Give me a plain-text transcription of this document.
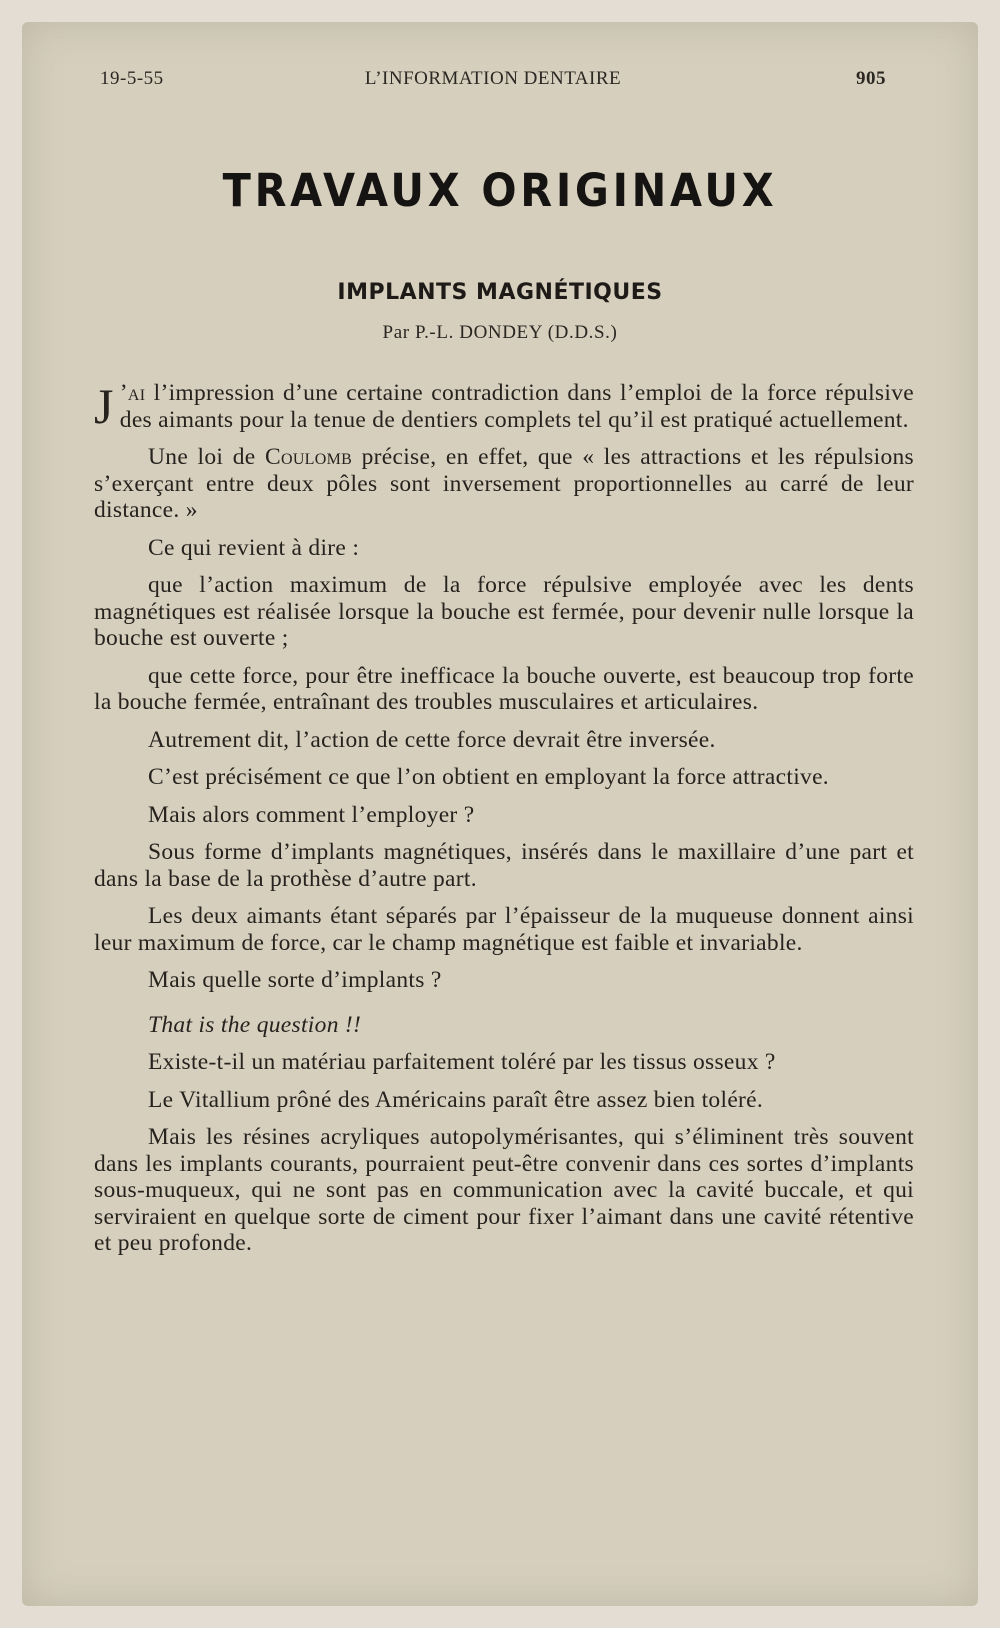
19-5-55	L’INFORMATION DENTAIRE	905
TRAVAUX ORIGINAUX
IMPLANTS MAGNÉTIQUES
Par P.-L. DONDEY (D.D.S.)

J ’ai l’impression d’une certaine contradiction dans l’emploi de la force répulsive des aimants pour la tenue de dentiers complets tel qu’il est pratiqué actuellement.

Une loi de Coulomb précise, en effet, que « les attractions et les répulsions s’exerçant entre deux pôles sont inversement proportionnelles au carré de leur distance. »

Ce qui revient à dire :

que l’action maximum de la force répulsive employée avec les dents magnétiques est réalisée lorsque la bouche est fermée, pour devenir nulle lorsque la bouche est ouverte ;

que cette force, pour être inefficace la bouche ouverte, est beaucoup trop forte la bouche fermée, entraînant des troubles musculaires et articulaires.

Autrement dit, l’action de cette force devrait être inversée.

C’est précisément ce que l’on obtient en employant la force attractive.

Mais alors comment l’employer ?

Sous forme d’implants magnétiques, insérés dans le maxillaire d’une part et dans la base de la prothèse d’autre part.

Les deux aimants étant séparés par l’épaisseur de la muqueuse donnent ainsi leur maximum de force, car le champ magnétique est faible et invariable.

Mais quelle sorte d’implants ?

That is the question !!

Existe-t-il un matériau parfaitement toléré par les tissus osseux ?

Le Vitallium prôné des Américains paraît être assez bien toléré.

Mais les résines acryliques autopolymérisantes, qui s’éliminent très souvent dans les implants courants, pourraient peut-être convenir dans ces sortes d’implants sous-muqueux, qui ne sont pas en communication avec la cavité buccale, et qui serviraient en quelque sorte de ciment pour fixer l’aimant dans une cavité rétentive et peu profonde.
